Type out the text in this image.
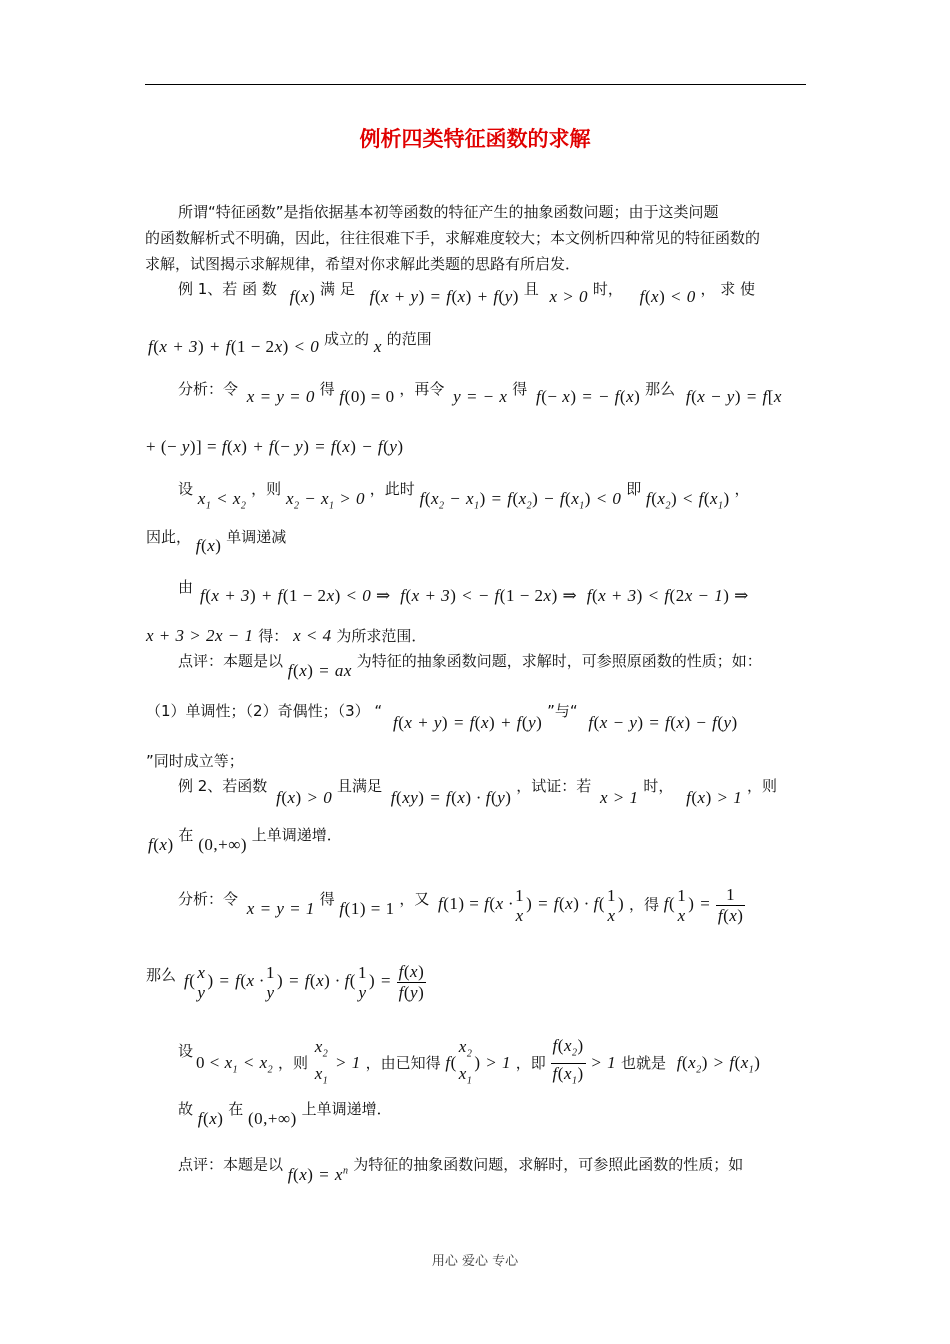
例析四类特征函数的求解
所谓“特征函数”是指依据基本初等函数的特征产生的抽象函数问题；由于这类问题
的函数解析式不明确，因此，往往很难下手，求解难度较大；本文例析四种常见的特征函数的
求解，试图揭示求解规律，希望对你求解此类题的思路有所启发．
例 1、若 函 数 f(x) 满 足 f(x + y) = f(x) + f(y) 且 x > 0 时， f(x) < 0 ， 求 使
f(x + 3) + f(1 − 2x) < 0 成立的 x 的范围
分析：令 x = y = 0 得 f(0) = 0 ，再令 y = − x 得 f(− x) = − f(x) 那么 f(x − y) = f[x
+ (− y)] = f(x) + f(− y) = f(x) − f(y)
设 $x_1 < x_2$ ，则 $x_2 - x_1 > 0$ ，此时 $f(x_2 - x_1) = f(x_2) - f(x_1) < 0$ 即 $f(x_2) < f(x_1)$ ，
因此， f(x) 单调递减
由 f(x + 3) + f(1 − 2x) < 0 ⇒  f(x + 3) < − f(1 − 2x) ⇒  f(x + 3) < f(2x − 1) ⇒
x + 3 > 2x − 1 得： x < 4 为所求范围．
点评：本题是以 f(x) = ax 为特征的抽象函数问题，求解时，可参照原函数的性质；如：
（1）单调性；（2）奇偶性；（3） “ f(x + y) = f(x) + f(y) ”与“ f(x − y) = f(x) − f(y)
”同时成立等；
例 2、若函数 f(x) > 0 且满足 f(xy) = f(x) · f(y) ，试证：若 x > 1 时， f(x) > 1 ，则
f(x) 在 (0,+∞) 上单调递增．
分析：令 x = y = 1 得 f(1) = 1 ，又 f(1) = f(x · 1
x
) = f(x) · f( 1
x
) ，得 f( 1
x
) = $\frac{1}{f(x)}$
那么 f( x
y
) = f(x · 1
y
) = f(x) · f( 1
y
) = $\frac{f(x)}{f(y)}$
设
$0 < x_1 < x_2$ ，则
$x_2$
$x_1$
> 1 ，由已知得 f(
$x_2$
$x_1$
) > 1 ，即 $\frac{f(x_2)}{f(x_1)} > 1$ 也就是 $f(x_2) > f(x_1)$
故 f(x) 在 (0,+∞) 上单调递增．
点评：本题是以 $f(x) = x^n$ 为特征的抽象函数问题，求解时，可参照此函数的性质；如
用心 爱心 专心
